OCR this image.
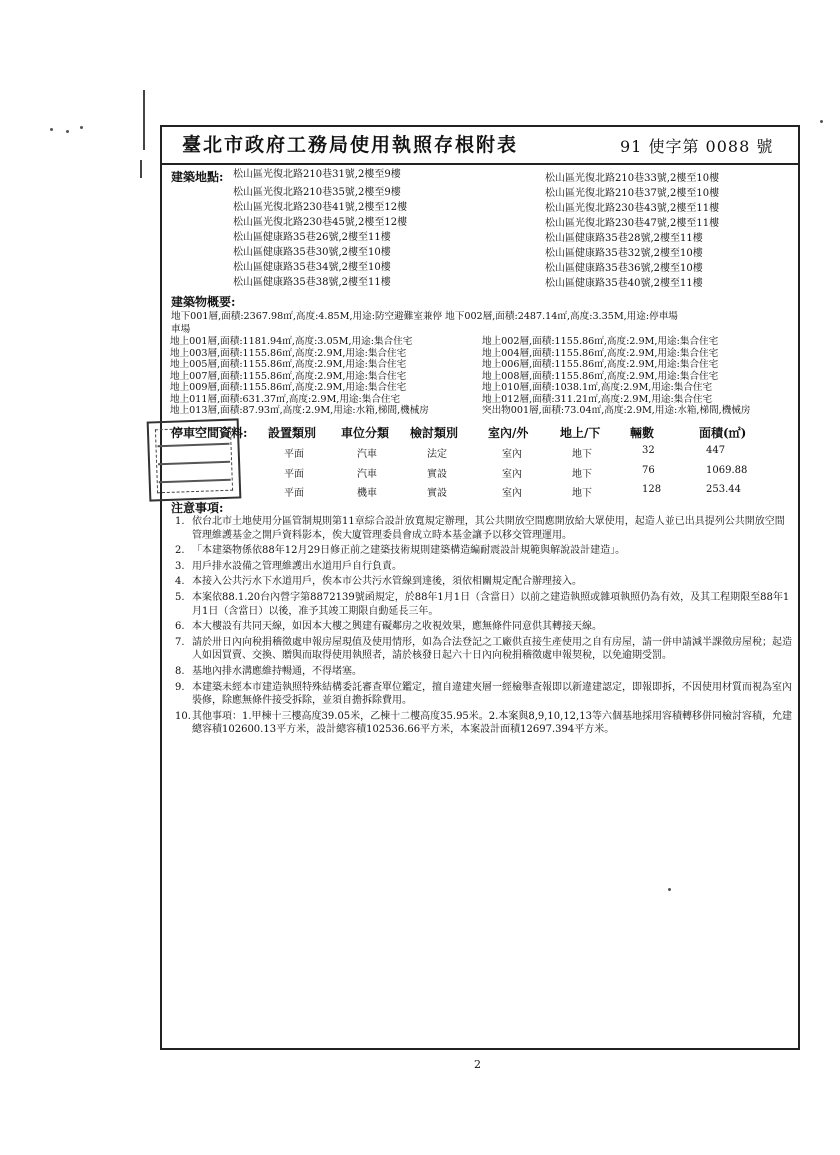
臺北市政府工務局使用執照存根附表	91 使字第 0088 號
建築地點: 松山區光復北路210巷31號,2樓至9樓
松山區光復北路210巷35號,2樓至9樓
松山區光復北路230巷41號,2樓至12樓
松山區光復北路230巷45號,2樓至12樓
松山區健康路35巷26號,2樓至11樓
松山區健康路35巷30號,2樓至10樓
松山區健康路35巷34號,2樓至10樓
松山區健康路35巷38號,2樓至11樓
松山區光復北路210巷33號,2樓至10樓
松山區光復北路210巷37號,2樓至10樓
松山區光復北路230巷43號,2樓至11樓
松山區光復北路230巷47號,2樓至11樓
松山區健康路35巷28號,2樓至11樓
松山區健康路35巷32號,2樓至10樓
松山區健康路35巷36號,2樓至10樓
松山區健康路35巷40號,2樓至11樓
建築物概要:
地下001層,面積:2367.98㎡,高度:4.85M,用途:防空避難室兼停 地下002層,面積:2487.14㎡,高度:3.35M,用途:停車場
車場
地上001層,面積:1181.94㎡,高度:3.05M,用途:集合住宅
地上003層,面積:1155.86㎡,高度:2.9M,用途:集合住宅
地上005層,面積:1155.86㎡,高度:2.9M,用途:集合住宅
地上007層,面積:1155.86㎡,高度:2.9M,用途:集合住宅
地上009層,面積:1155.86㎡,高度:2.9M,用途:集合住宅
地上011層,面積:631.37㎡,高度:2.9M,用途:集合住宅
地上013層,面積:87.93㎡,高度:2.9M,用途:水箱,梯間,機械房
地上002層,面積:1155.86㎡,高度:2.9M,用途:集合住宅
地上004層,面積:1155.86㎡,高度:2.9M,用途:集合住宅
地上006層,面積:1155.86㎡,高度:2.9M,用途:集合住宅
地上008層,面積:1155.86㎡,高度:2.9M,用途:集合住宅
地上010層,面積:1038.1㎡,高度:2.9M,用途:集合住宅
地上012層,面積:311.21㎡,高度:2.9M,用途:集合住宅
突出物001層,面積:73.04㎡,高度:2.9M,用途:水箱,梯間,機械房
停車空間資料: 設置類別 車位分類 檢討類別 室內/外	地上/下 輛數	面積(㎡)
平面	汽車	法定	室內	地下	32	447
平面	汽車	實設	室內	地下	76	1069.88
平面	機車	實設	室內	地下	128	253.44
注意事項:
1. 依台北市土地使用分區管制規則第11章綜合設計放寬規定辦理，其公共開放空間應開放給大眾使用，起造人並已出具提列公共開放空間管理維護基金之開戶資料影本，俟大廈管理委員會成立時本基金讓予以移交管理運用。
2. 「本建築物係依88年12月29日修正前之建築技術規則建築構造編耐震設計規範與解說設計建造」。
3. 用戶排水設備之管理維護出水道用戶自行負責。
4. 本接入公共污水下水道用戶，俟本市公共污水管線到達後，須依相關規定配合辦理接入。
5. 本案依88.1.20台內營字第8872139號函規定，於88年1月1日（含當日）以前之建造執照或雜項執照仍為有效，及其工程期限至88年1月1日（含當日）以後，准予其竣工期限自動延長三年。
6. 本大樓設有共同天線，如因本大樓之興建有礙鄰房之收視效果，應無條件同意供其轉接天線。
7. 請於卅日內向稅捐稽徵處申報房屋現值及使用情形，如為合法登記之工廠供直接生產使用之自有房屋，請一併申請減半課徵房屋稅；起造人如因買賣、交換、贈與而取得使用執照者，請於核發日起六十日內向稅捐稽徵處申報契稅，以免逾期受罰。
8. 基地內排水溝應維持暢通，不得堵塞。
9. 本建築未經本市建造執照特殊結構委託審查單位鑑定，擅自違建夾層一經檢舉查報即以新違建認定，即報即拆，不因使用材質而視為室內裝修，除應無條件接受拆除，並須自擔拆除費用。
10. 其他事項：1.甲棟十三樓高度39.05米，乙棟十二樓高度35.95米。2.本案與8,9,10,12,13等六個基地採用容積轉移併同檢討容積，允建總容積102600.13平方米，設計總容積102536.66平方米，本案設計面積12697.394平方米。
2
